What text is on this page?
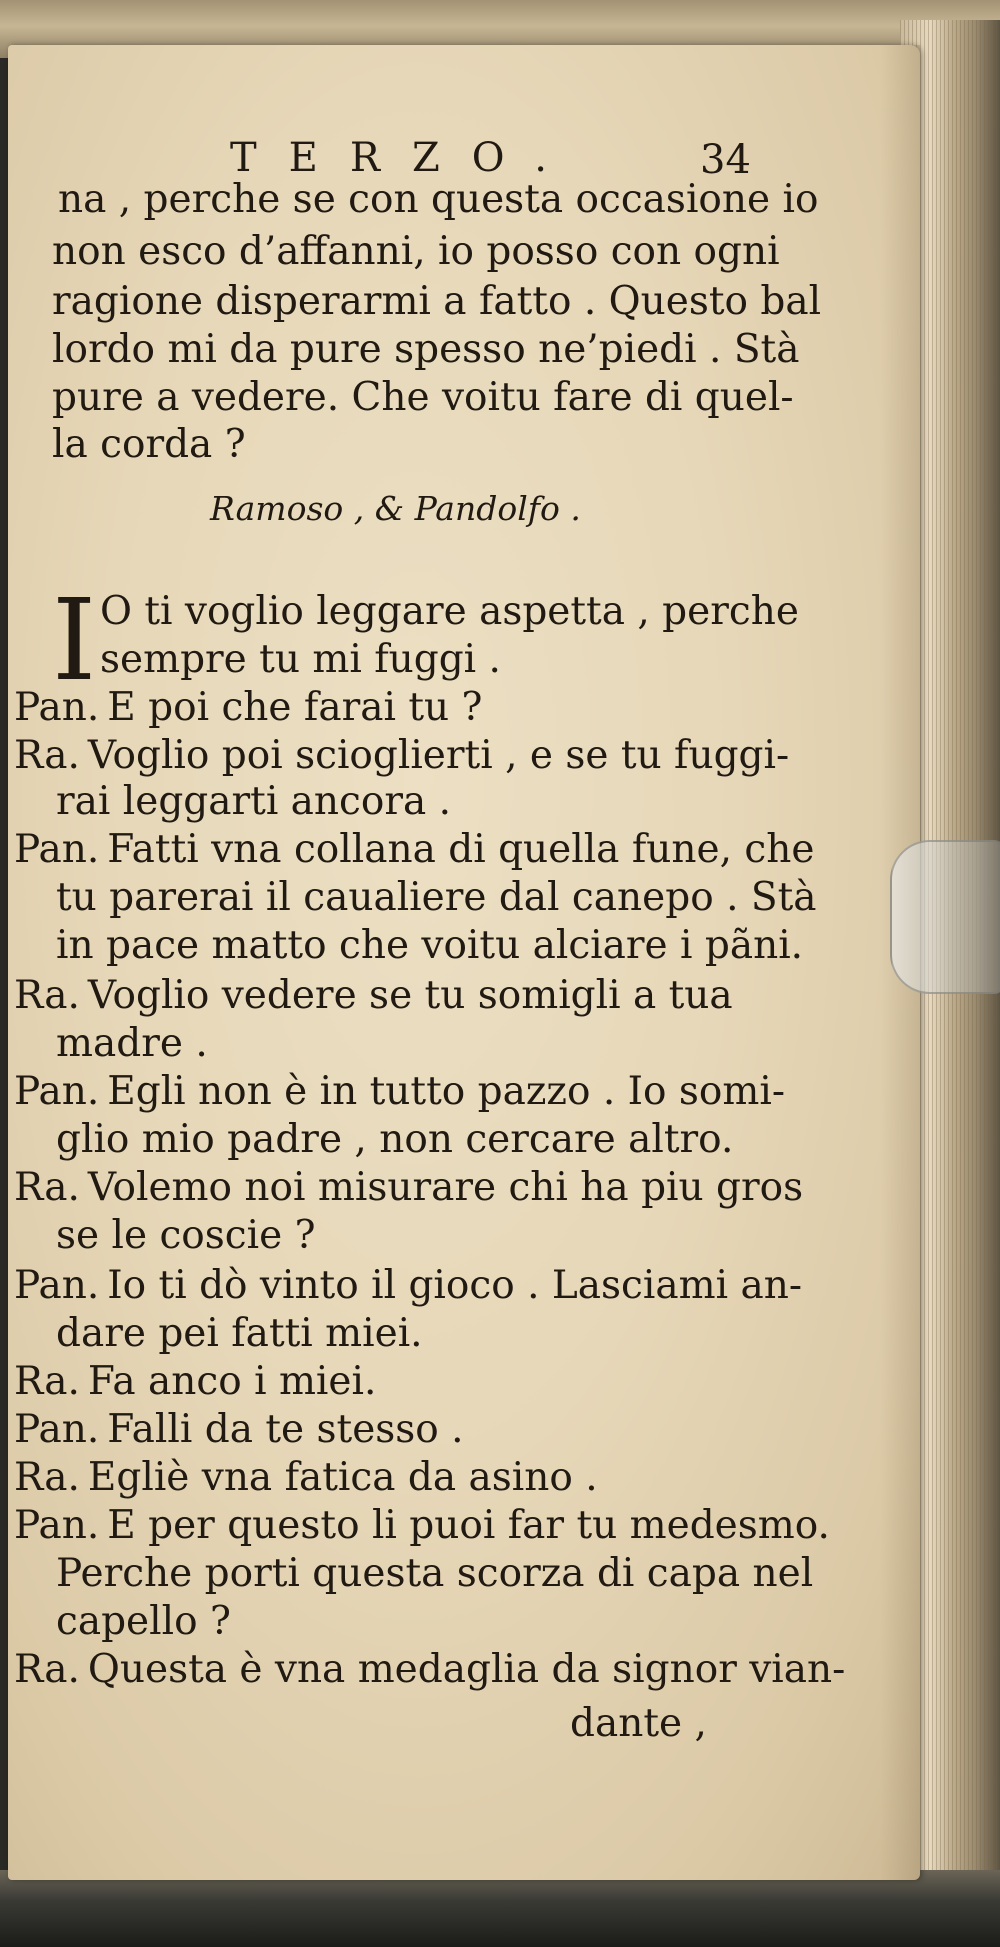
TERZO.	34
na , perche se con questa occasione io
non esco d’affanni, io posso con ogni
ragione disperarmi a fatto . Questo bal
lordo mi da pure spesso ne’piedi . Stà
pure a vedere. Che voitu fare di quel-
la corda ?
Ramoso , & Pandolfo .
I O ti voglio leggare aspetta , perche
sempre tu mi fuggi .
Pan. E poi che farai tu ?
Ra. Voglio poi scioglierti , e se tu fuggi-
rai leggarti ancora .
Pan. Fatti vna collana di quella fune, che
tu parerai il caualiere dal canepo . Stà
in pace matto che voitu alciare i pãni.
Ra. Voglio vedere se tu somigli a tua
madre .
Pan. Egli non è in tutto pazzo . Io somi-
glio mio padre , non cercare altro.
Ra. Volemo noi misurare chi ha piu gros
se le coscie ?
Pan. Io ti dò vinto il gioco . Lasciami an-
dare pei fatti miei.
Ra. Fa anco i miei.
Pan. Falli da te stesso .
Ra. Egliè vna fatica da asino .
Pan. E per questo li puoi far tu medesmo.
Perche porti questa scorza di capa nel
capello ?
Ra. Questa è vna medaglia da signor vian-
dante ,
